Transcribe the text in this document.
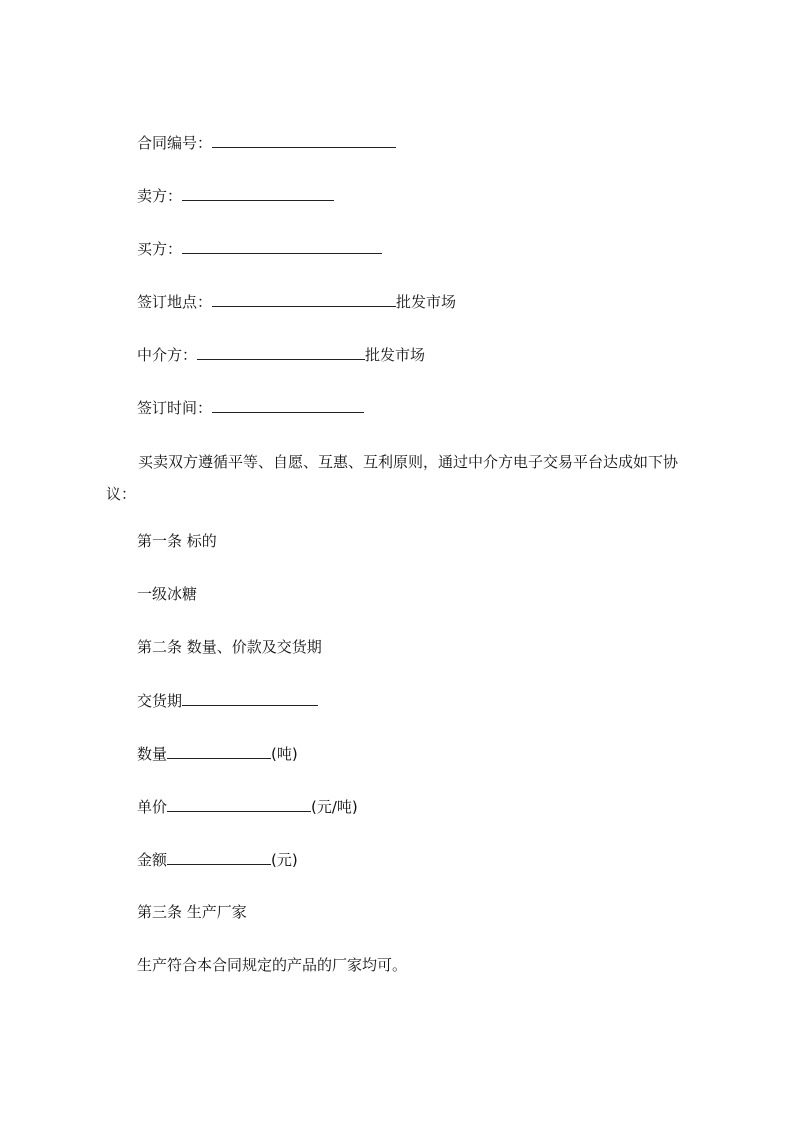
合同编号：
卖方：
买方：
签订地点：	批发市场
中介方：	批发市场
签订时间：
买卖双方遵循平等、自愿、互惠、互利原则，通过中介方电子交易平台达成如下协议：
第一条 标的
一级冰糖
第二条 数量、价款及交货期
交货期
数量	(吨)
单价	(元/吨)
金额	(元)
第三条 生产厂家
生产符合本合同规定的产品的厂家均可。
